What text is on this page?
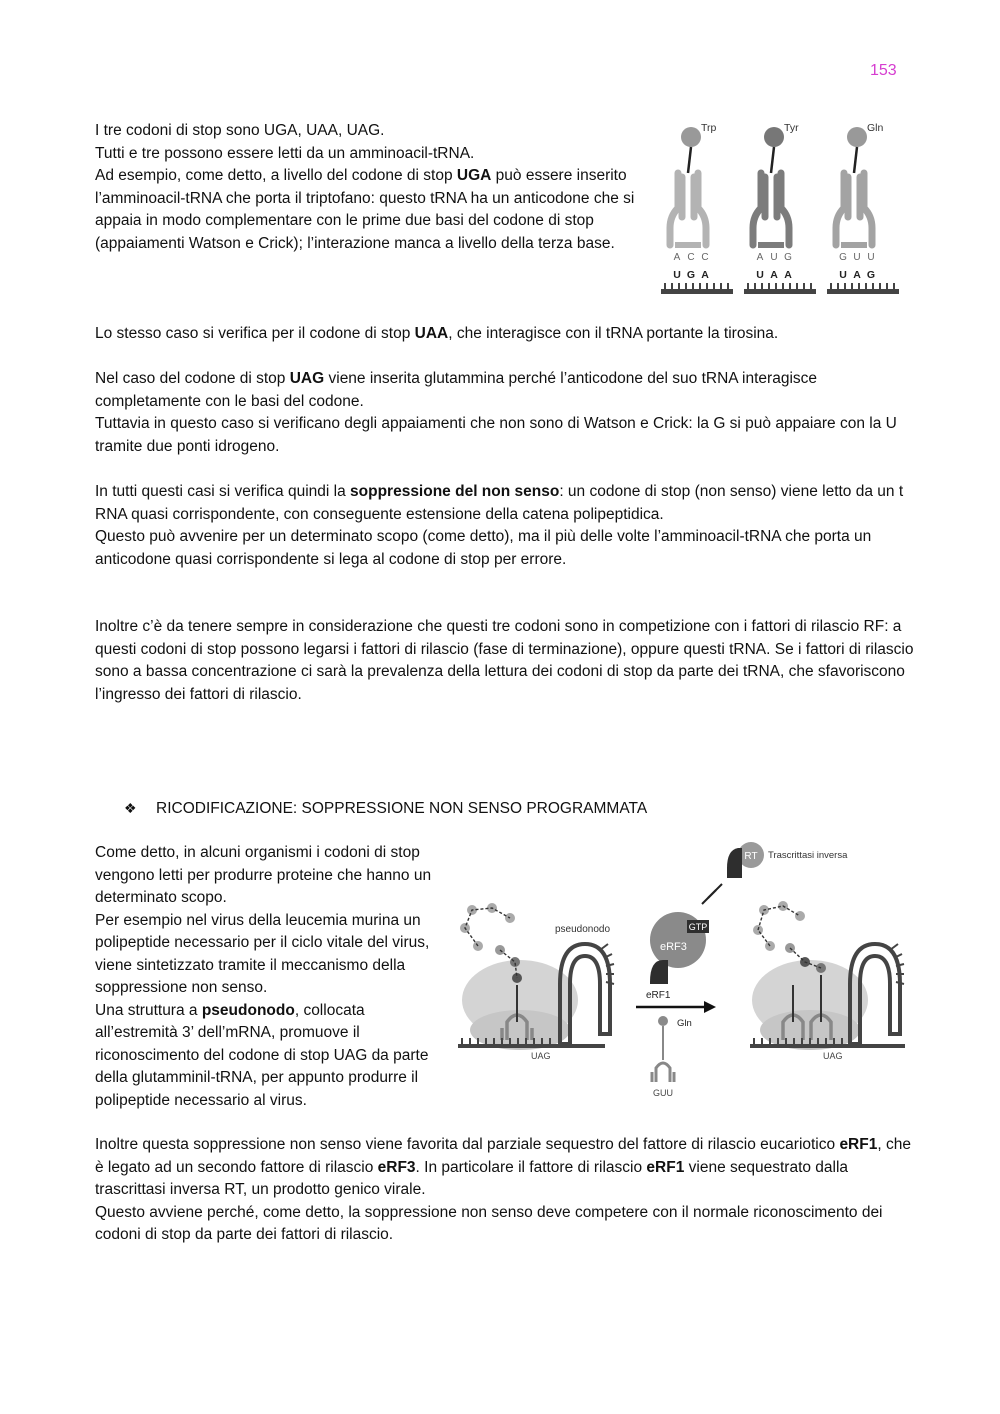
153

I tre codoni di stop sono UGA, UAA, UAG.

Tutti e tre possono essere letti da un amminoacil-tRNA.

Ad esempio, come detto, a livello del codone di stop UGA può essere inserito l’amminoacil-tRNA che porta il triptofano: questo tRNA ha un anticodone che si appaia in modo complementare con le prime due basi del codone di stop (appaiamenti Watson e Crick); l’interazione manca a livello della terza base.

Trp
A C C
U G A
Tyr
A U G
U A A
Gln
G U U
U A G

Lo stesso caso si verifica per il codone di stop UAA, che interagisce con il tRNA portante la tirosina.

Nel caso del codone di stop UAG viene inserita glutammina perché l’anticodone del suo tRNA interagisce completamente con le basi del codone.

Tuttavia in questo caso si verificano degli appaiamenti che non sono di Watson e Crick: la G si può appaiare con la U tramite due ponti idrogeno.

In tutti questi casi si verifica quindi la soppressione del non senso: un codone di stop (non senso) viene letto da un t RNA quasi corrispondente, con conseguente estensione della catena polipeptidica.

Questo può avvenire per un determinato scopo (come detto), ma il più delle volte l’amminoacil-tRNA che porta un anticodone quasi corrispondente si lega al codone di stop per errore.

Inoltre c’è da tenere sempre in considerazione che questi tre codoni sono in competizione con i fattori di rilascio RF: a questi codoni di stop possono legarsi i fattori di rilascio (fase di terminazione), oppure questi tRNA. Se i fattori di rilascio sono a bassa concentrazione ci sarà la prevalenza della lettura dei codoni di stop da parte dei tRNA, che sfavoriscono l’ingresso dei fattori di rilascio.

❖ RICODIFICAZIONE: SOPPRESSIONE NON SENSO PROGRAMMATA

Come detto, in alcuni organismi i codoni di stop vengono letti per produrre proteine che hanno un determinato scopo.

Per esempio nel virus della leucemia murina un polipeptide necessario per il ciclo vitale del virus, viene sintetizzato tramite il meccanismo della soppressione non senso.

Una struttura a pseudonodo, collocata all’estremità 3’ dell’mRNA, promuove il riconoscimento del codone di stop UAG da parte della glutamminil-tRNA, per appunto produrre il polipeptide necessario al virus.

RT Trascrittasi inversa
GTP
eRF3
eRF1
Gln
GUU
pseudonodo
UAG	UAG

Inoltre questa soppressione non senso viene favorita dal parziale sequestro del fattore di rilascio eucariotico eRF1, che è legato ad un secondo fattore di rilascio eRF3. In particolare il fattore di rilascio eRF1 viene sequestrato dalla trascrittasi inversa RT, un prodotto genico virale.

Questo avviene perché, come detto, la soppressione non senso deve competere con il normale riconoscimento dei codoni di stop da parte dei fattori di rilascio.
